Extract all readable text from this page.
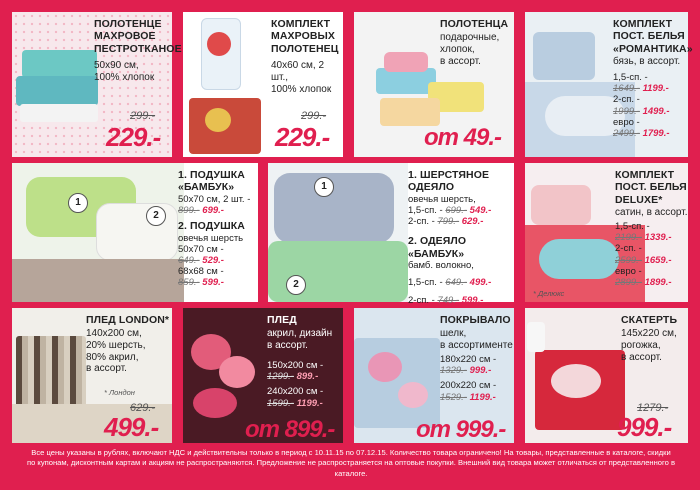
ПОЛОТЕНЦЕ
МАХРОВОЕ
ПЕСТРОТКАНОЕ
50х90 см,
100% хлопок
299.-
229.-
КОМПЛЕКТ
МАХРОВЫХ
ПОЛОТЕНЕЦ
40х60 см, 2 шт.,
100% хлопок
299.-
229.-
ПОЛОТЕНЦА
подарочные,
хлопок,
в ассорт.
от 49.-
КОМПЛЕКТ
ПОСТ. БЕЛЬЯ
«РОМАНТИКА»
бязь, в ассорт.
1,5-сп. -
1649.- 1199.-
2-сп. -
1999.- 1499.-
евро -
2499.- 1799.-
1
2
1. ПОДУШКА
«БАМБУК»
50х70 см, 2 шт. -
899.- 699.-
2. ПОДУШКА
овечья шерсть
50х70 см -
649.- 529.-
68х68 см -
859.- 599.-
1
2
1. ШЕРСТЯНОЕ ОДЕЯЛО
овечья шерсть,
1,5-сп. - 699.- 549.-
2-сп. - 799.- 629.-
2. ОДЕЯЛО «БАМБУК»
бамб. волокно,
1,5-сп. - 649.- 499.-
2-сп. - 749.- 599.-
КОМПЛЕКТ
ПОСТ. БЕЛЬЯ
DELUXE*
сатин, в ассорт.
1,5-сп. -
2199.- 1339.-
2-сп. -
2599.- 1659.-
евро -
2899.- 1899.-
* Делюкс
ПЛЕД LONDON*
140х200 см,
20% шерсть,
80% акрил,
в ассорт.
* Лондон
629.-
499.-
ПЛЕД
акрил, дизайн
в ассорт.
150х200 см -
1299.- 899.-
240х200 см -
1599.- 1199.-
от 899.-
ПОКРЫВАЛО
шелк,
в ассортименте
180х220 см -
1329.- 999.-
200х220 см -
1529.- 1199.-
от 999.-
СКАТЕРТЬ
145х220 см,
рогожка,
в ассорт.
1279.-
999.-
Все цены указаны в рублях, включают НДС и действительны только в период с 10.11.15 по 07.12.15. Количество товара ограничено! На товары, представленные в каталоге, скидки
по купонам, дисконтным картам и акциям не распространяются. Предложение не распространяется на оптовые покупки. Внешний вид товара может отличаться от представленного в каталоге.
